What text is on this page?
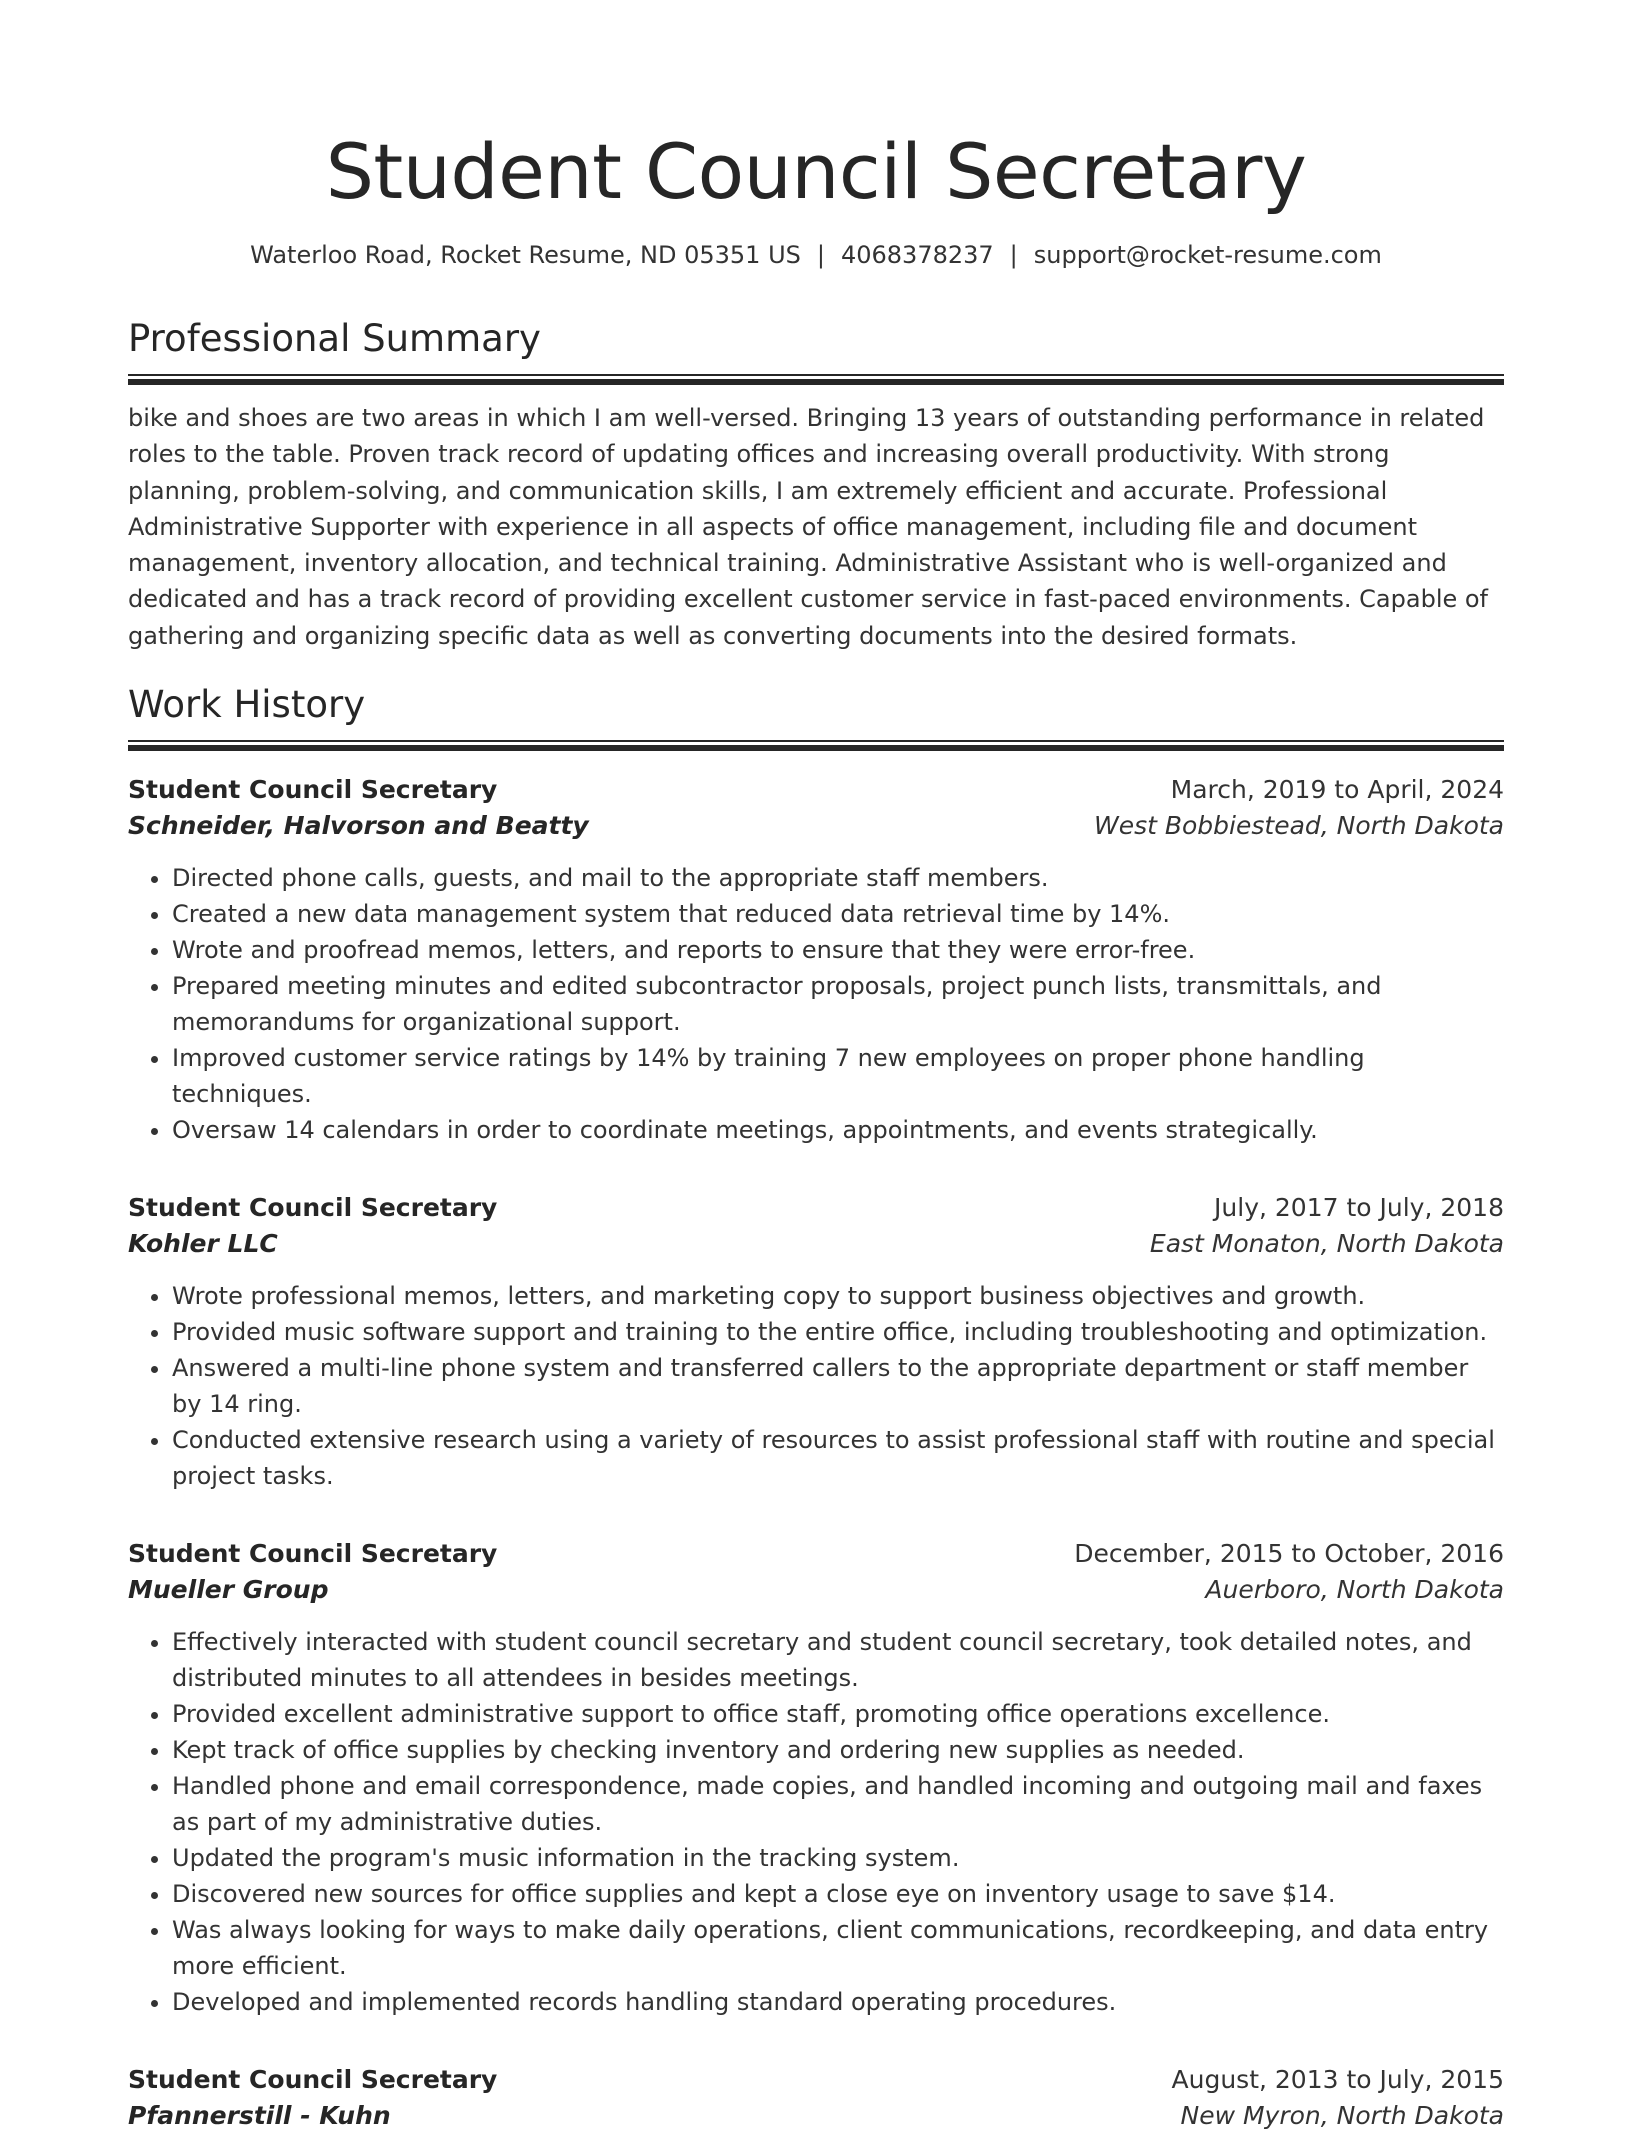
Student Council Secretary
Waterloo Road, Rocket Resume, ND 05351 US | 4068378237 | support@rocket-resume.com
Professional Summary
bike and shoes are two areas in which I am well-versed. Bringing 13 years of outstanding performance in related roles to the table. Proven track record of updating offices and increasing overall productivity. With strong planning, problem-solving, and communication skills, I am extremely efficient and accurate. Professional Administrative Supporter with experience in all aspects of office management, including file and document management, inventory allocation, and technical training. Administrative Assistant who is well-organized and dedicated and has a track record of providing excellent customer service in fast-paced environments. Capable of gathering and organizing specific data as well as converting documents into the desired formats.
Work History
Student Council Secretary	March, 2019 to April, 2024
Schneider, Halvorson and Beatty	West Bobbiestead, North Dakota
• Directed phone calls, guests, and mail to the appropriate staff members.
• Created a new data management system that reduced data retrieval time by 14%.
• Wrote and proofread memos, letters, and reports to ensure that they were error-free.
• Prepared meeting minutes and edited subcontractor proposals, project punch lists, transmittals, and memorandums for organizational support.
• Improved customer service ratings by 14% by training 7 new employees on proper phone handling techniques.
• Oversaw 14 calendars in order to coordinate meetings, appointments, and events strategically.
Student Council Secretary	July, 2017 to July, 2018
Kohler LLC	East Monaton, North Dakota
• Wrote professional memos, letters, and marketing copy to support business objectives and growth.
• Provided music software support and training to the entire office, including troubleshooting and optimization.
• Answered a multi-line phone system and transferred callers to the appropriate department or staff member by 14 ring.
• Conducted extensive research using a variety of resources to assist professional staff with routine and special project tasks.
Student Council Secretary	December, 2015 to October, 2016
Mueller Group	Auerboro, North Dakota
• Effectively interacted with student council secretary and student council secretary, took detailed notes, and distributed minutes to all attendees in besides meetings.
• Provided excellent administrative support to office staff, promoting office operations excellence.
• Kept track of office supplies by checking inventory and ordering new supplies as needed.
• Handled phone and email correspondence, made copies, and handled incoming and outgoing mail and faxes as part of my administrative duties.
• Updated the program's music information in the tracking system.
• Discovered new sources for office supplies and kept a close eye on inventory usage to save $14.
• Was always looking for ways to make daily operations, client communications, recordkeeping, and data entry more efficient.
• Developed and implemented records handling standard operating procedures.
Student Council Secretary	August, 2013 to July, 2015
Pfannerstill - Kuhn	New Myron, North Dakota
